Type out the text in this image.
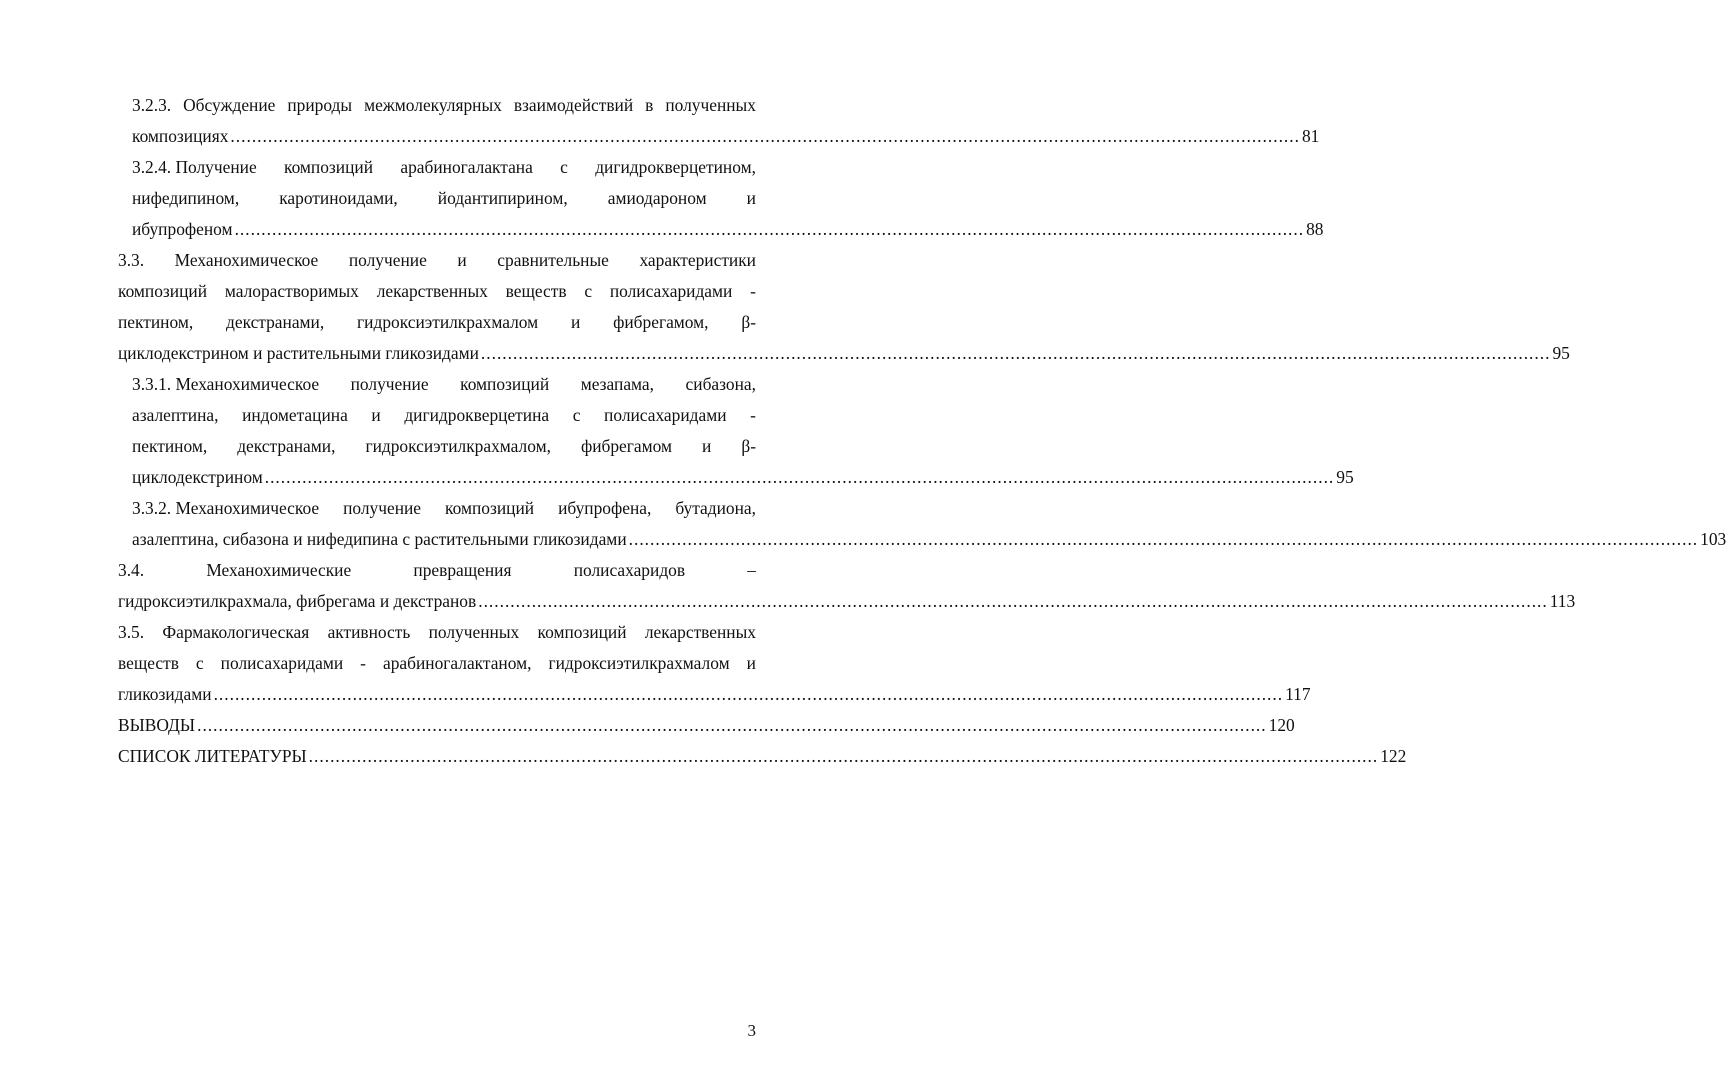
3.2.3. Обсуждение природы межмолекулярных взаимодействий в полученных
композициях ........................................................................................................................................................................................................ 81
3.2.4. Получение композиций арабиногалактана с дигидрокверцетином,
нифедипином, каротиноидами, йодантипирином, амиодароном и
ибупрофеном ........................................................................................................................................................................................................ 88
3.3. Механохимическое получение и сравнительные характеристики
композиций малорастворимых лекарственных веществ с полисахаридами -
пектином, декстранами, гидроксиэтилкрахмалом и фибрегамом, β-
циклодекстрином и растительными гликозидами ........................................................................................................................................................................................................ 95
3.3.1. Механохимическое получение композиций мезапама, сибазона,
азалептина, индометацина и дигидрокверцетина с полисахаридами -
пектином, декстранами, гидроксиэтилкрахмалом, фибрегамом и β-
циклодекстрином ........................................................................................................................................................................................................ 95
3.3.2. Механохимическое получение композиций ибупрофена, бутадиона,
азалептина, сибазона и нифедипина с растительными гликозидами ........................................................................................................................................................................................................ 103
3.4.	Механохимические	превращения	полисахаридов	–
гидроксиэтилкрахмала, фибрегама и декстранов ........................................................................................................................................................................................................ 113
3.5. Фармакологическая активность полученных композиций лекарственных
веществ с полисахаридами - арабиногалактаном, гидроксиэтилкрахмалом и
гликозидами ........................................................................................................................................................................................................ 117
ВЫВОДЫ ........................................................................................................................................................................................................ 120
СПИСОК ЛИТЕРАТУРЫ ........................................................................................................................................................................................................ 122
3
